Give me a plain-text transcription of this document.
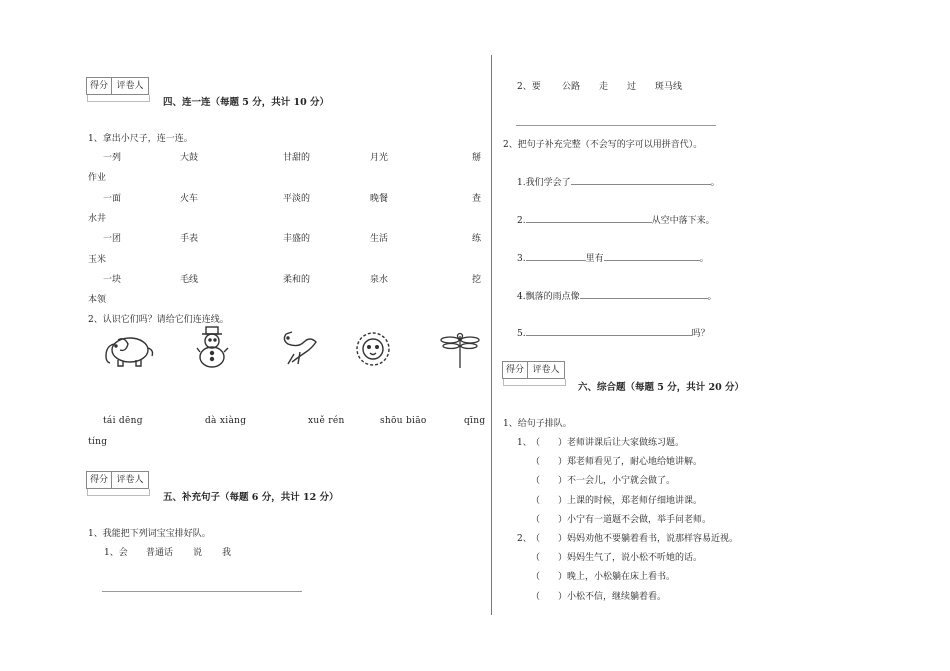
得分 评卷人
四、连一连（每题 5 分，共计 10 分）
1、拿出小尺子，连一连。
一列	大鼓	甘甜的	月光	掰
作业
一面	火车	平淡的	晚餐	查
水井
一团	手表	丰盛的	生活	练
玉米
一块	毛线	柔和的	泉水	挖
本领
2、认识它们吗？请给它们连连线。
tái dēng	dà xiàng	xuě rén	shōu biāo	qīng
tíng
得分 评卷人
五、补充句子（每题 6 分，共计 12 分）
1、我能把下列词宝宝排好队。
1、会 普通话 说 我
2、要 公路 走 过 斑马线
2、把句子补充完整（不会写的字可以用拼音代）。
1.我们学会了	。
2.	从空中落下来。
3.	里有	。
4.飘落的雨点像	。
5.	吗？
得分 评卷人
六、综合题（每题 5 分，共计 20 分）
1、给句子排队。
1、（ ）老师讲课后让大家做练习题。
（ ）郑老师看见了，耐心地给她讲解。
（ ）不一会儿，小宁就会做了。
（ ）上课的时候，郑老师仔细地讲课。
（ ）小宁有一道题不会做，举手问老师。
2、（ ）妈妈劝他不要躺着看书，说那样容易近视。
（ ）妈妈生气了，说小松不听她的话。
（ ）晚上，小松躺在床上看书。
（ ）小松不信，继续躺着看。
